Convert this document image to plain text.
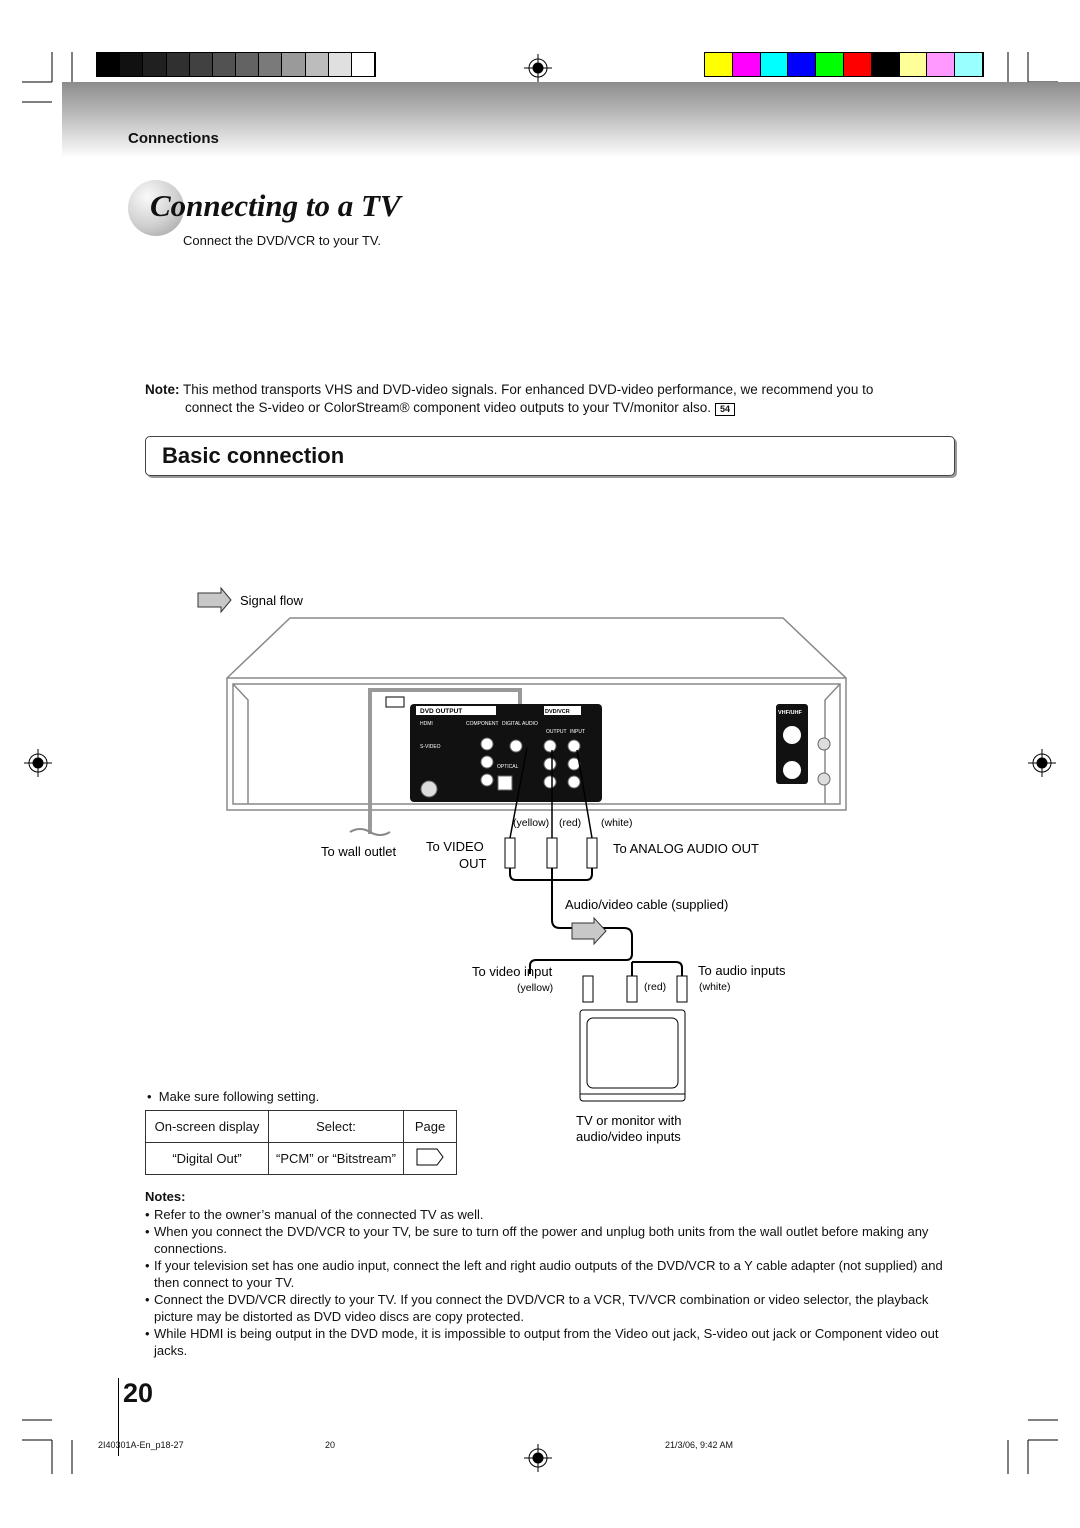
Connections
Connecting to a TV
Connect the DVD/VCR to your TV.
Note: This method transports VHS and DVD-video signals. For enhanced DVD-video performance, we recommend you to
connect the S-video or ColorStream® component video outputs to your TV/monitor also. 54
Basic connection
Signal flow
DVD OUTPUT	DVD/VCR
HDMI	COMPONENT DIGITAL AUDIO
OUTPUT INPUT
S-VIDEO
OPTICAL
VHF/UHF
(yellow) (red) (white)
To wall outlet To VIDEO
OUT
To ANALOG AUDIO OUT
Audio/video cable (supplied)
To video input
(yellow)	(red)
To audio inputs
(white)
TV or monitor with
audio/video inputs
•  Make sure following setting.
On-screen display	Select:	Page
“Digital Out”	“PCM” or “Bitstream”	
Notes:
• Refer to the owner’s manual of the connected TV as well.
• When you connect the DVD/VCR to your TV, be sure to turn off the power and unplug both units from the wall outlet before making any connections.
• If your television set has one audio input, connect the left and right audio outputs of the DVD/VCR to a Y cable adapter (not supplied) and then connect to your TV.
• Connect the DVD/VCR directly to your TV. If you connect the DVD/VCR to a VCR, TV/VCR combination or video selector, the playback picture may be distorted as DVD video discs are copy protected.
• While HDMI is being output in the DVD mode, it is impossible to output from the Video out jack, S-video out jack or Component video out jacks.
20
2I40301A-En_p18-27	20	21/3/06, 9:42 AM
